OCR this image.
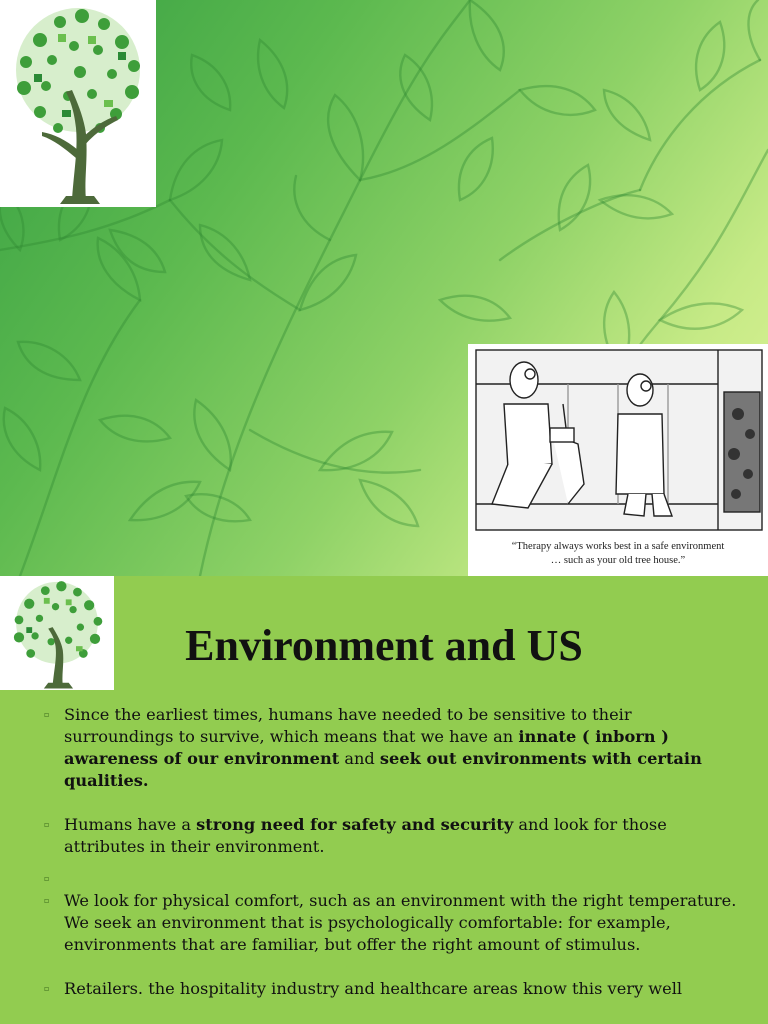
“Therapy always works best in a safe environment
… such as your old tree house.”
Environment and US
▫ Since the earliest times, humans have needed to be sensitive to their surroundings to survive, which means that we have an innate ( inborn ) awareness of our environment and seek out environments with certain qualities.
▫ Humans have a strong need for safety and security and look for those attributes in their environment.
▫
▫ We look for physical comfort, such as an environment with the right temperature. We seek an environment that is psychologically comfortable: for example, environments that are familiar, but offer the right amount of stimulus.
▫ Retailers. the hospitality industry and healthcare areas know this very well
